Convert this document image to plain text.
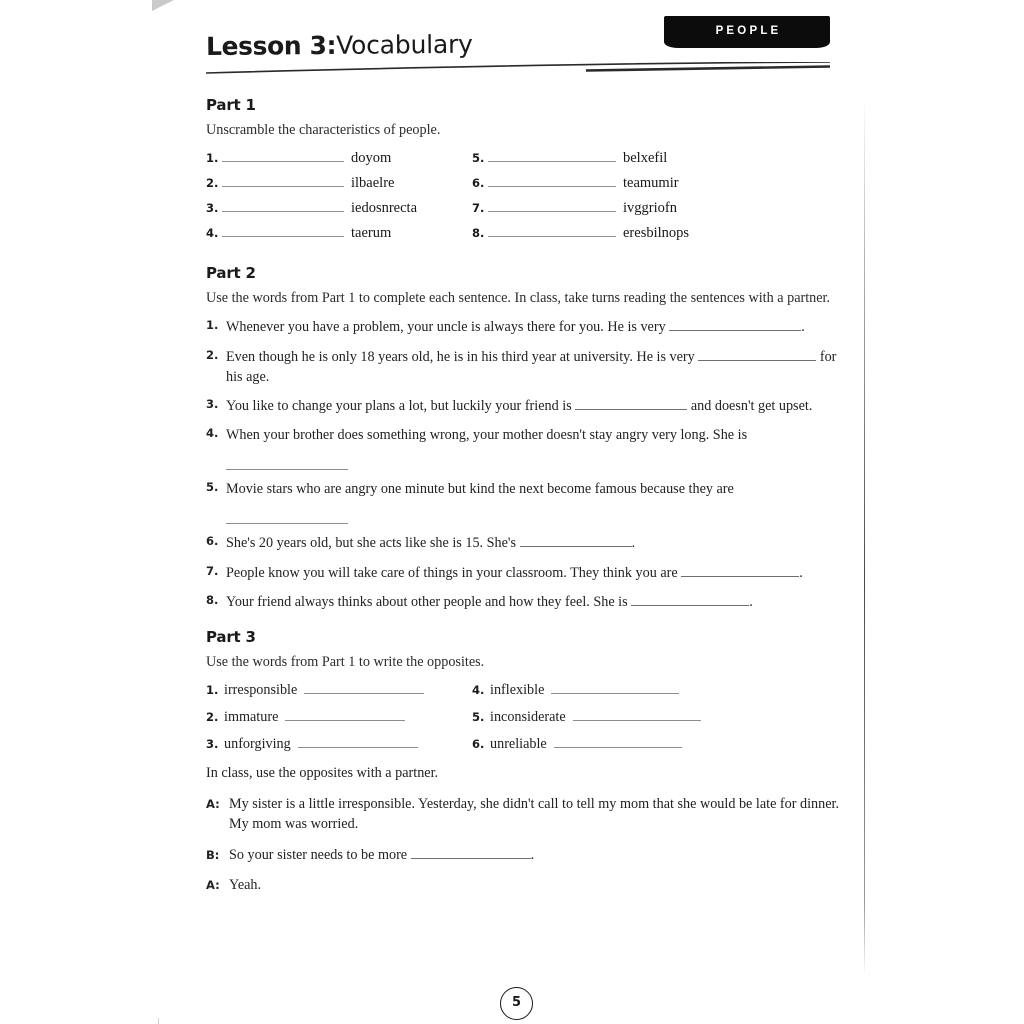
PEOPLE
Lesson 3:Vocabulary
Part 1

Unscramble the characteristics of people.

1.	doyom	5.	belxefil
2.	ilbaelre	6.	teamumir
3.	iedosnrecta	7.	ivggriofn
4.	taerum	8.	eresbilnops
Part 2

Use the words from Part 1 to complete each sentence. In class, take turns reading the sentences with a partner.

Whenever you have a problem, your uncle is always there for you. He is very	.
Even though he is only 18 years old, he is in his third year at university. He is very	for his age.
You like to change your plans a lot, but luckily your friend is	and doesn't get upset.
When your brother does something wrong, your mother doesn't stay angry very long. She is
Movie stars who are angry one minute but kind the next become famous because they are
She's 20 years old, but she acts like she is 15. She's	.
People know you will take care of things in your classroom. They think you are	.
Your friend always thinks about other people and how they feel. She is	.
Part 3

Use the words from Part 1 to write the opposites.

1. irresponsible	4. inflexible
2. immature	5. inconsiderate
3. unforgiving	6. unreliable

In class, use the opposites with a partner.

A: My sister is a little irresponsible. Yesterday, she didn't call to tell my mom that she would be late for dinner. My mom was worried.
B: So your sister needs to be more	.
A: Yeah.
5
